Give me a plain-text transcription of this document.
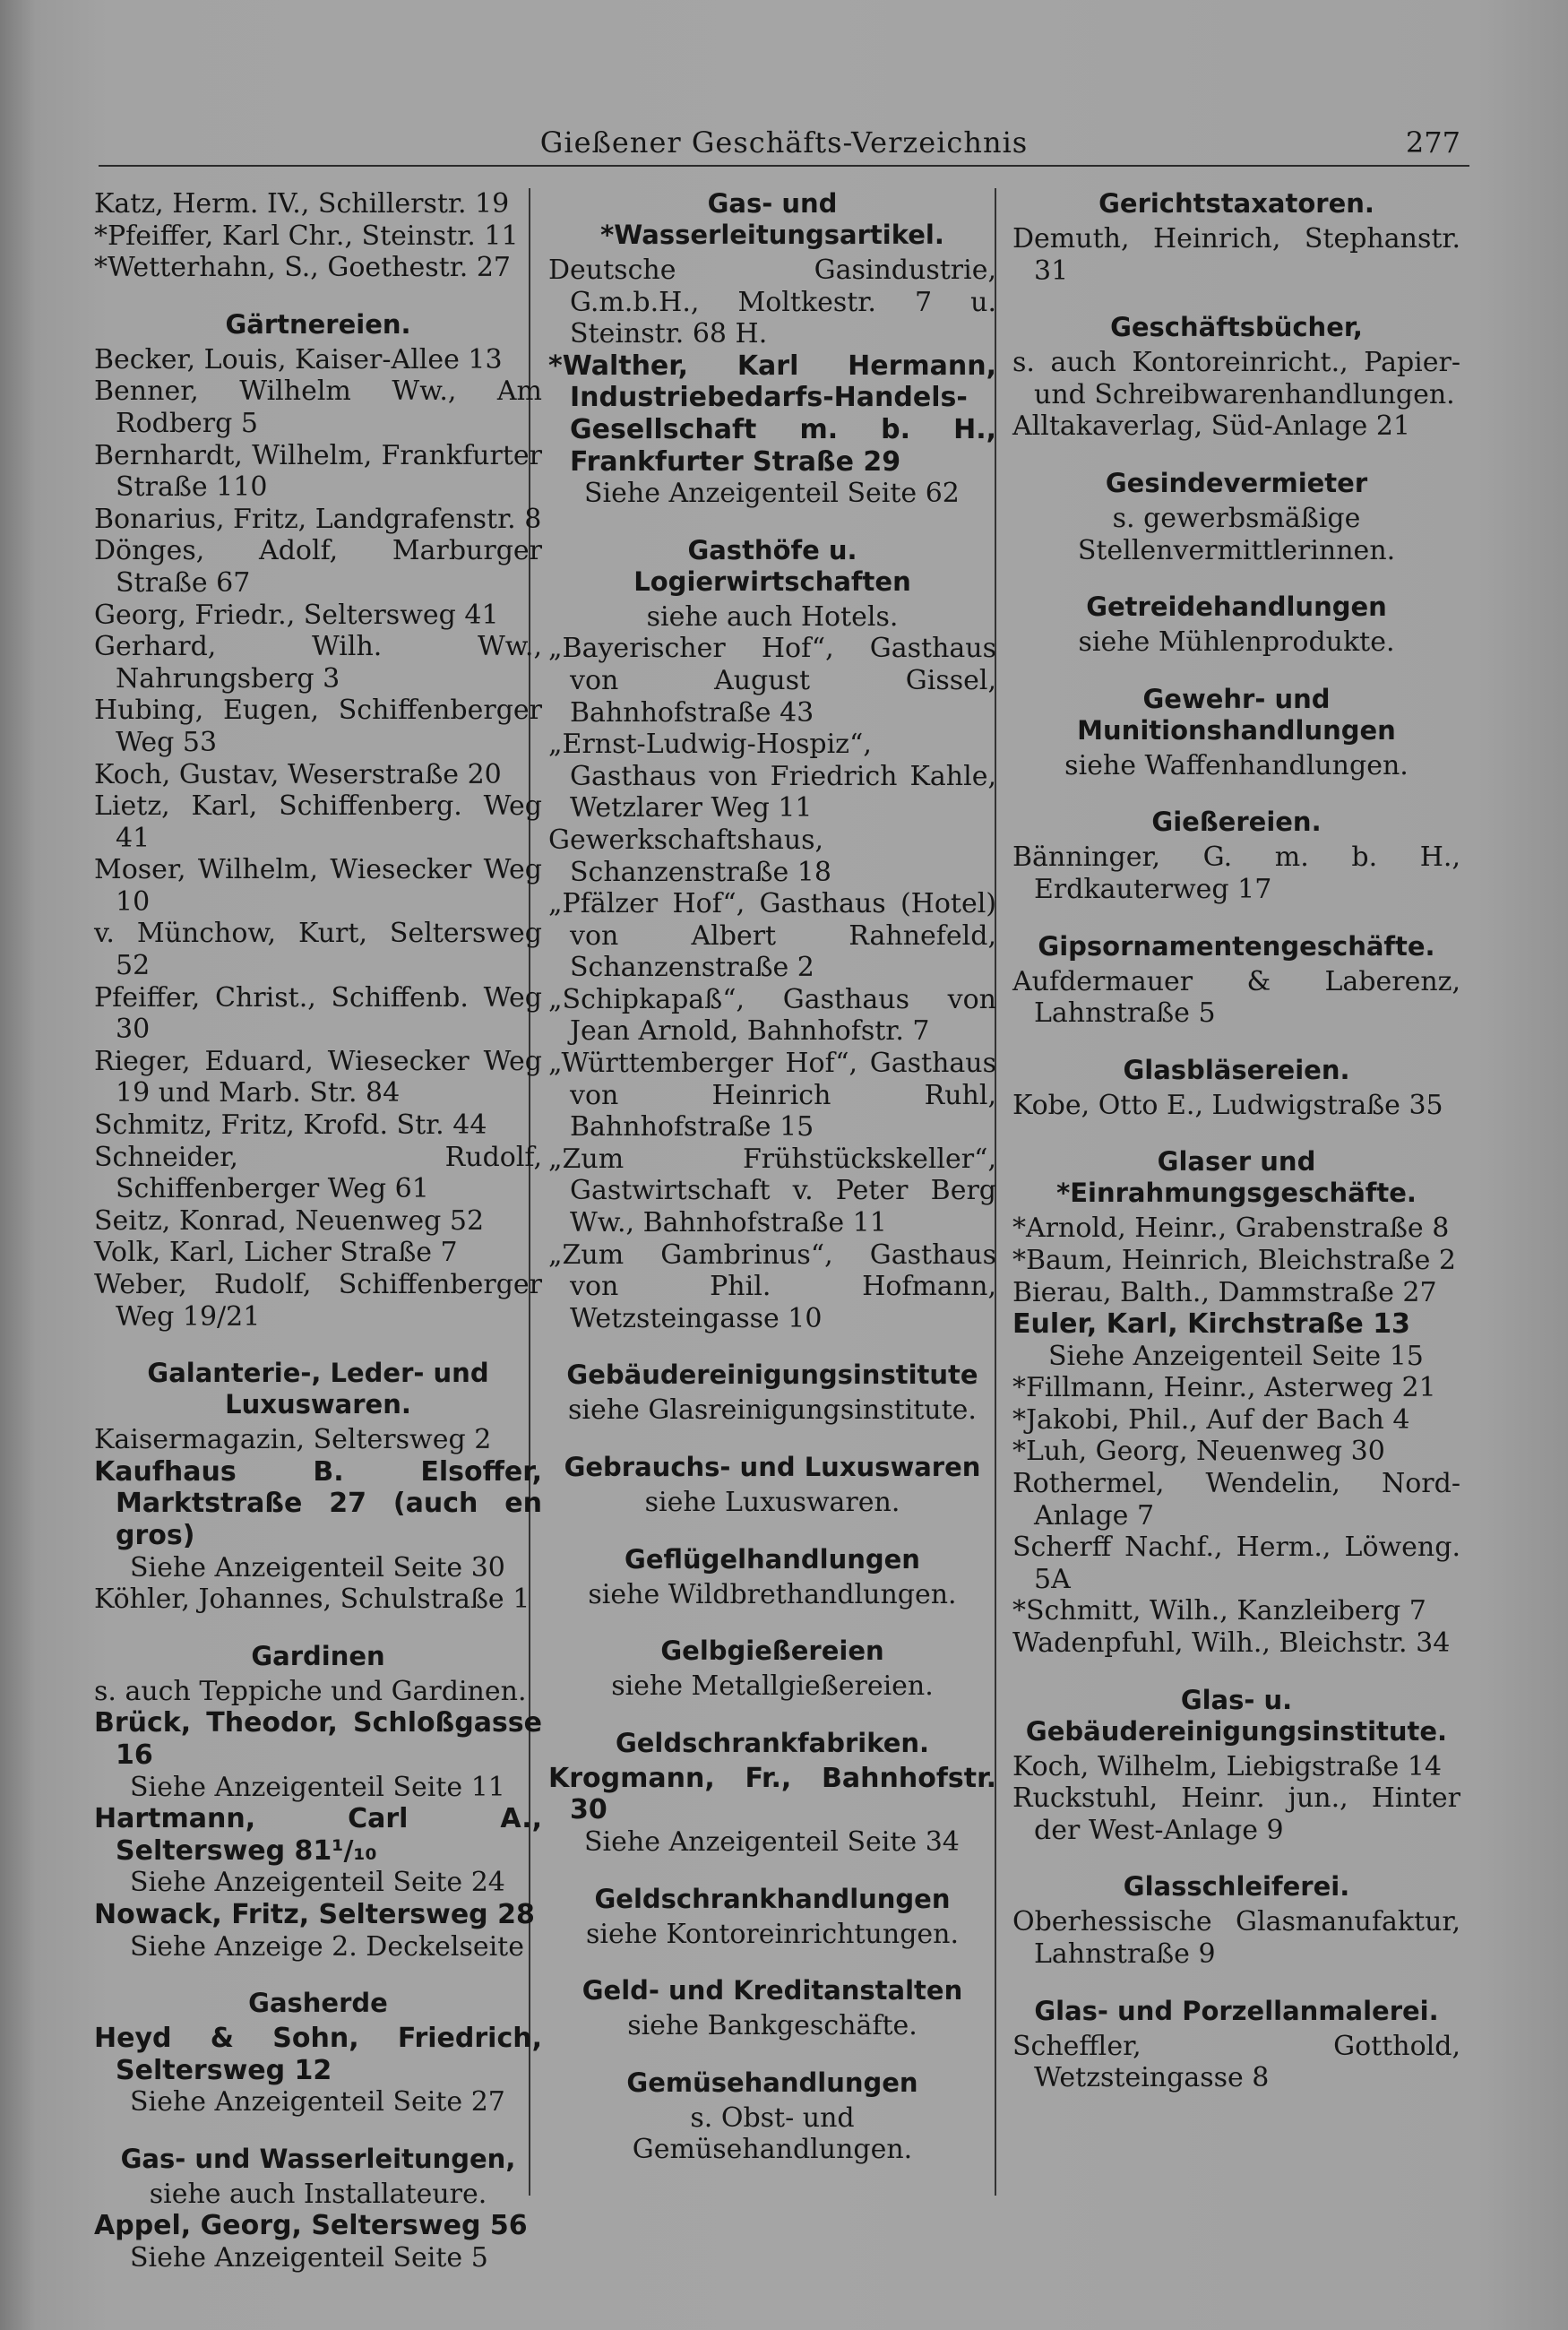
Gießener Geschäfts-Verzeichnis	277
Katz, Herm. IV., Schillerstr. 19
*Pfeiffer, Karl Chr., Steinstr. 11
*Wetterhahn, S., Goethestr. 27
Gärtnereien.
Becker, Louis, Kaiser-Allee 13
Benner, Wilhelm Ww., Am Rodberg 5
Bernhardt, Wilhelm, Frankfurter Straße 110
Bonarius, Fritz, Landgrafenstr. 8
Dönges, Adolf, Marburger Straße 67
Georg, Friedr., Seltersweg 41
Gerhard, Wilh. Ww., Nahrungsberg 3
Hubing, Eugen, Schiffenberger Weg 53
Koch, Gustav, Weserstraße 20
Lietz, Karl, Schiffenberg. Weg 41
Moser, Wilhelm, Wiesecker Weg 10
v. Münchow, Kurt, Seltersweg 52
Pfeiffer, Christ., Schiffenb. Weg 30
Rieger, Eduard, Wiesecker Weg 19 und Marb. Str. 84
Schmitz, Fritz, Krofd. Str. 44
Schneider, Rudolf, Schiffenberger Weg 61
Seitz, Konrad, Neuenweg 52
Volk, Karl, Licher Straße 7
Weber, Rudolf, Schiffenberger Weg 19/21
Galanterie-, Leder- und Luxuswaren.
Kaisermagazin, Seltersweg 2
Kaufhaus B. Elsoffer, Marktstraße 27 (auch en gros)
Siehe Anzeigenteil Seite 30
Köhler, Johannes, Schulstraße 1
Gardinen
s. auch Teppiche und Gardinen.
Brück, Theodor, Schloßgasse 16
Siehe Anzeigenteil Seite 11
Hartmann, Carl A., Seltersweg 81¹/₁₀
Siehe Anzeigenteil Seite 24
Nowack, Fritz, Seltersweg 28
Siehe Anzeige 2. Deckelseite
Gasherde
Heyd & Sohn, Friedrich, Seltersweg 12
Siehe Anzeigenteil Seite 27
Gas- und Wasserleitungen,
siehe auch Installateure.
Appel, Georg, Seltersweg 56
Siehe Anzeigenteil Seite 5
Gas- und *Wasserleitungsartikel.
Deutsche Gasindustrie, G.m.b.H., Moltkestr. 7 u. Steinstr. 68 H.
*Walther, Karl Hermann, Industriebedarfs-Handels-Gesellschaft m. b. H., Frankfurter Straße 29
Siehe Anzeigenteil Seite 62
Gasthöfe u. Logierwirtschaften
siehe auch Hotels.
„Bayerischer Hof“, Gasthaus von August Gissel, Bahnhofstraße 43
„Ernst-Ludwig-Hospiz“, Gasthaus von Friedrich Kahle, Wetzlarer Weg 11
Gewerkschaftshaus, Schanzenstraße 18
„Pfälzer Hof“, Gasthaus (Hotel) von Albert Rahnefeld, Schanzenstraße 2
„Schipkapaß“, Gasthaus von Jean Arnold, Bahnhofstr. 7
„Württemberger Hof“, Gasthaus von Heinrich Ruhl, Bahnhofstraße 15
„Zum Frühstückskeller“, Gastwirtschaft v. Peter Berg Ww., Bahnhofstraße 11
„Zum Gambrinus“, Gasthaus von Phil. Hofmann, Wetzsteingasse 10
Gebäudereinigungsinstitute
siehe Glasreinigungsinstitute.
Gebrauchs- und Luxuswaren
siehe Luxuswaren.
Geflügelhandlungen
siehe Wildbrethandlungen.
Gelbgießereien
siehe Metallgießereien.
Geldschrankfabriken.
Krogmann, Fr., Bahnhofstr. 30
Siehe Anzeigenteil Seite 34
Geldschrankhandlungen
siehe Kontoreinrichtungen.
Geld- und Kreditanstalten
siehe Bankgeschäfte.
Gemüsehandlungen
s. Obst- und Gemüsehandlungen.
Gerichtstaxatoren.
Demuth, Heinrich, Stephanstr. 31
Geschäftsbücher,
s. auch Kontoreinricht., Papier- und Schreibwarenhandlungen.
Alltakaverlag, Süd-Anlage 21
Gesindevermieter
s. gewerbsmäßige Stellenvermittlerinnen.
Getreidehandlungen
siehe Mühlenprodukte.
Gewehr- und Munitionshandlungen
siehe Waffenhandlungen.
Gießereien.
Bänninger, G. m. b. H., Erdkauterweg 17
Gipsornamentengeschäfte.
Aufdermauer & Laberenz, Lahnstraße 5
Glasbläsereien.
Kobe, Otto E., Ludwigstraße 35
Glaser und *Einrahmungsgeschäfte.
*Arnold, Heinr., Grabenstraße 8
*Baum, Heinrich, Bleichstraße 2
Bierau, Balth., Dammstraße 27
Euler, Karl, Kirchstraße 13
Siehe Anzeigenteil Seite 15
*Fillmann, Heinr., Asterweg 21
*Jakobi, Phil., Auf der Bach 4
*Luh, Georg, Neuenweg 30
Rothermel, Wendelin, Nord-Anlage 7
Scherff Nachf., Herm., Löweng. 5A
*Schmitt, Wilh., Kanzleiberg 7
Wadenpfuhl, Wilh., Bleichstr. 34
Glas- u. Gebäudereinigungsinstitute.
Koch, Wilhelm, Liebigstraße 14
Ruckstuhl, Heinr. jun., Hinter der West-Anlage 9
Glasschleiferei.
Oberhessische Glasmanufaktur, Lahnstraße 9
Glas- und Porzellanmalerei.
Scheffler, Gotthold, Wetzsteingasse 8
